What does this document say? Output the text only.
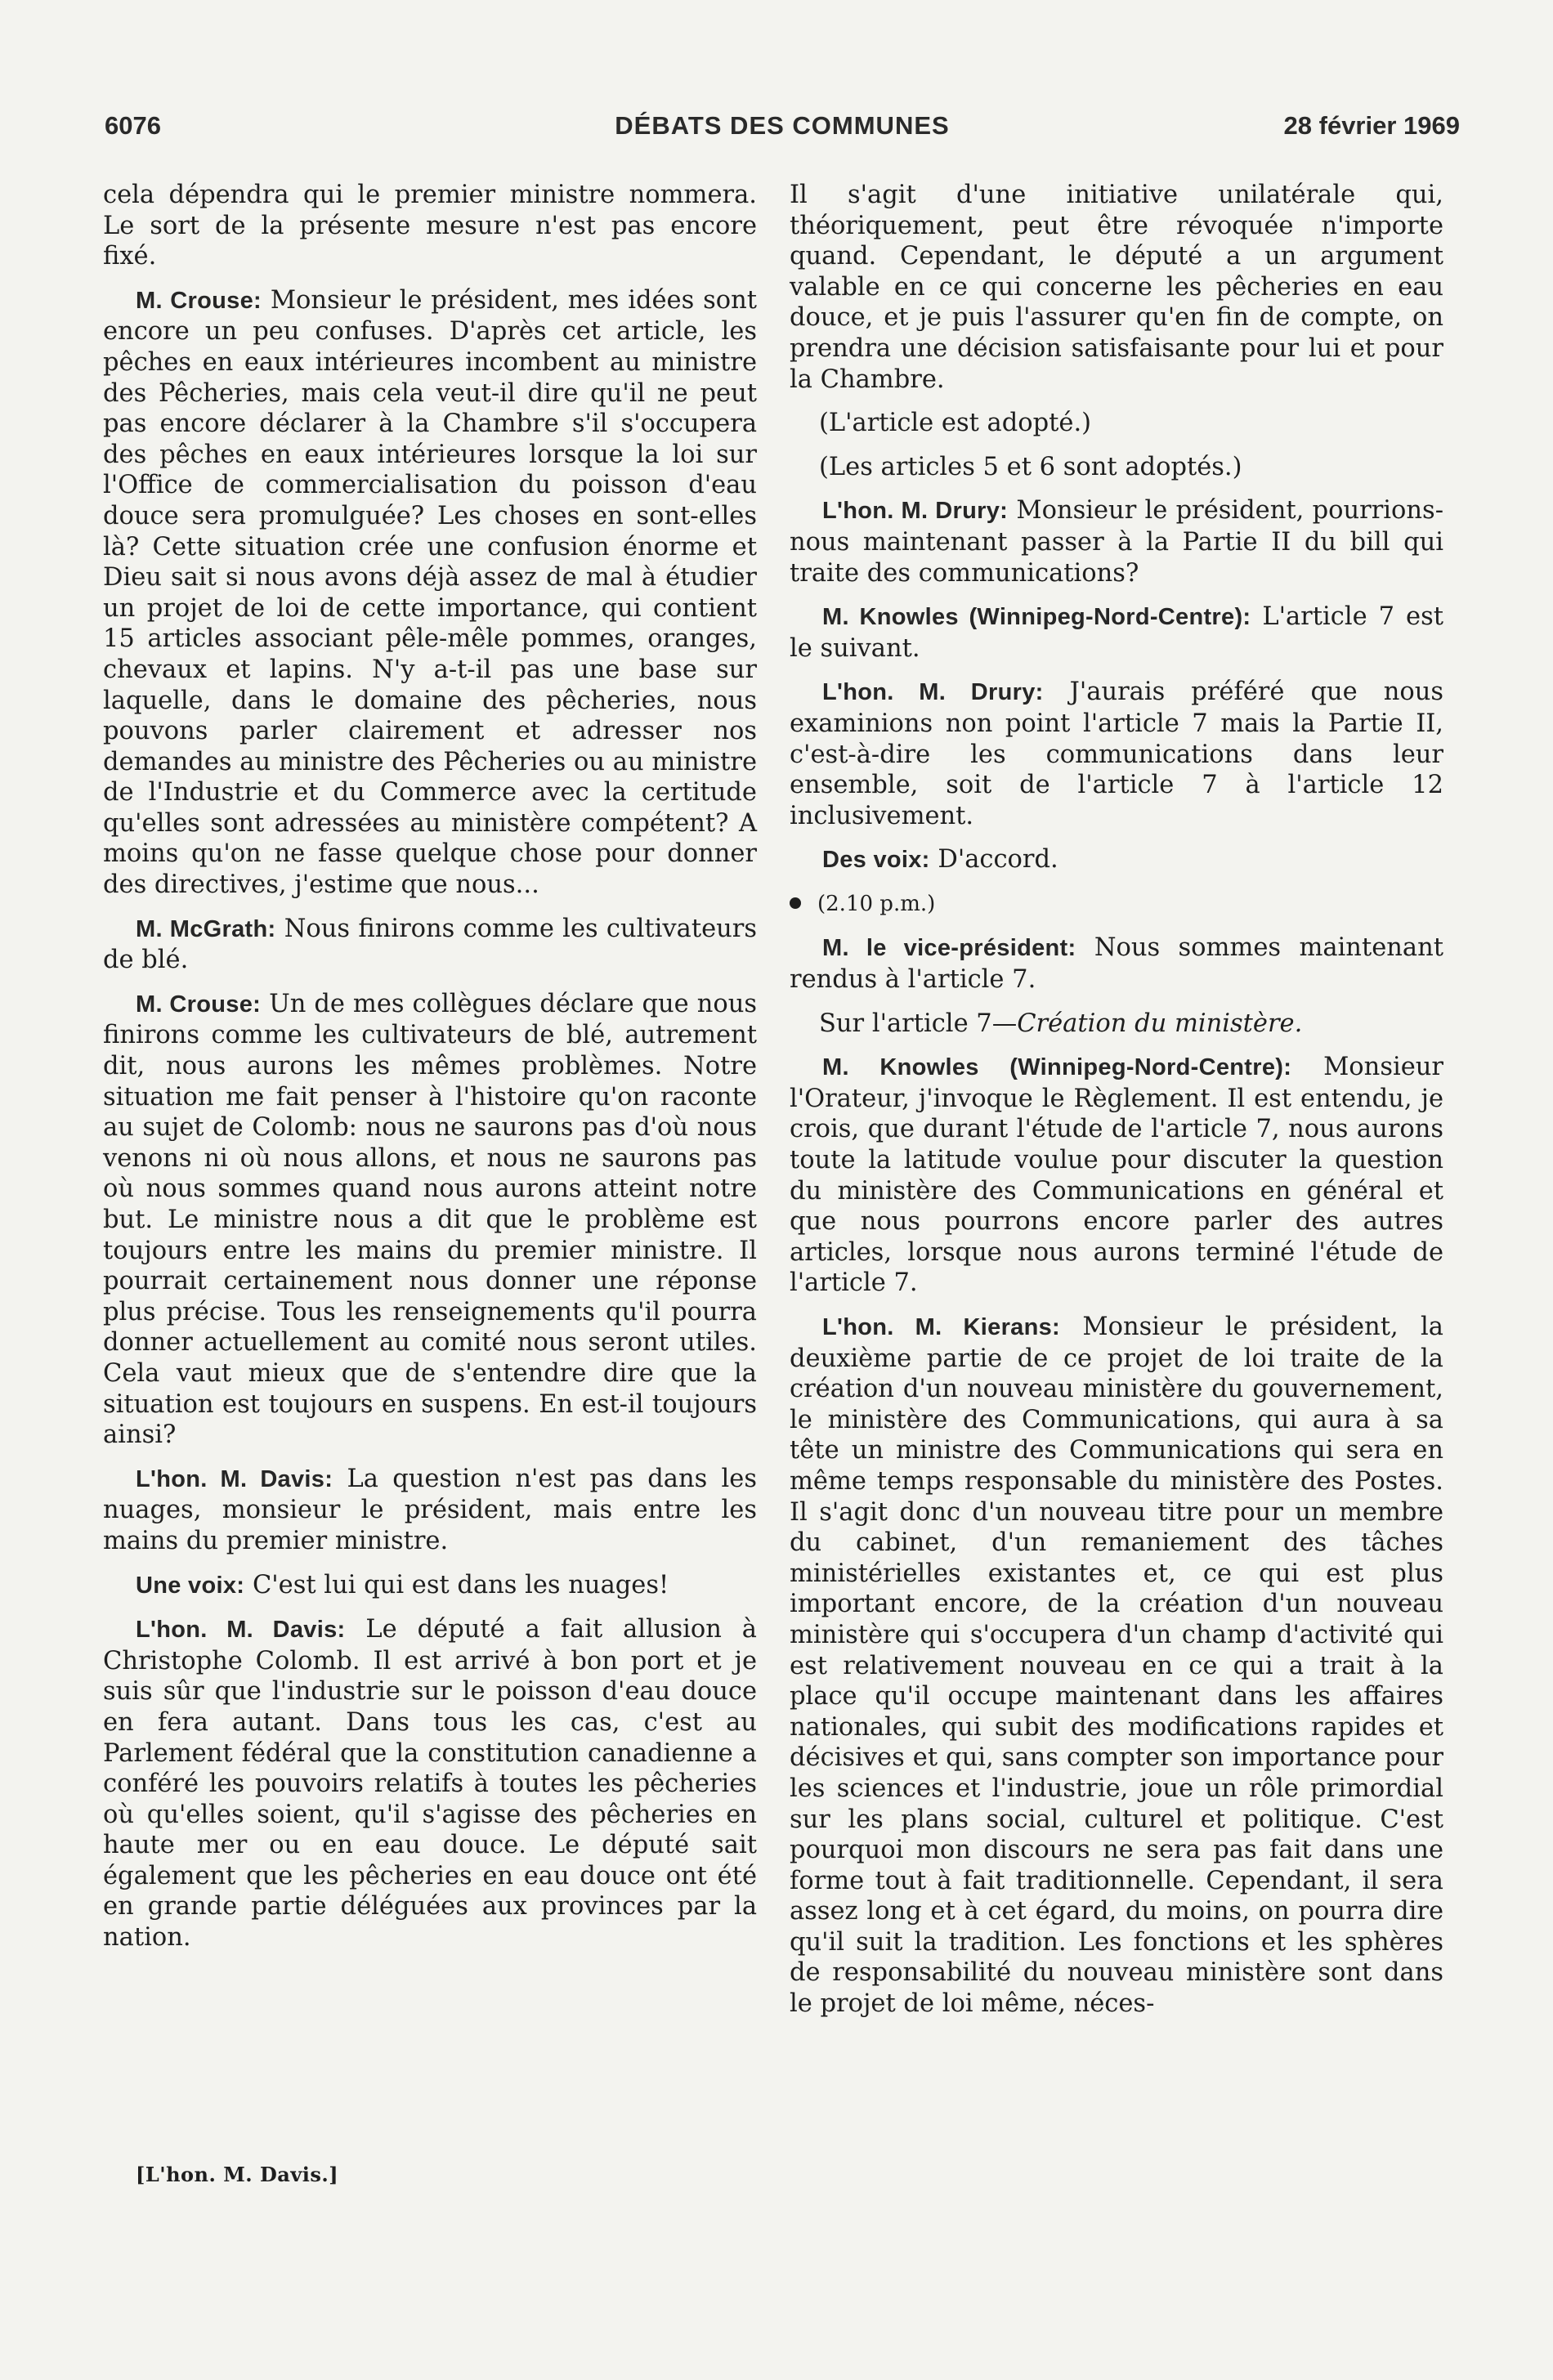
6076	DÉBATS DES COMMUNES	28 février 1969

cela dépendra qui le premier ministre nommera. Le sort de la présente mesure n'est pas encore fixé.

M. Crouse: Monsieur le président, mes idées sont encore un peu confuses. D'après cet article, les pêches en eaux intérieures incombent au ministre des Pêcheries, mais cela veut-il dire qu'il ne peut pas encore déclarer à la Chambre s'il s'occupera des pêches en eaux intérieures lorsque la loi sur l'Office de commercialisation du poisson d'eau douce sera promulguée? Les choses en sont-elles là? Cette situation crée une confusion énorme et Dieu sait si nous avons déjà assez de mal à étudier un projet de loi de cette importance, qui contient 15 articles associant pêle-mêle pommes, oranges, chevaux et lapins. N'y a-t-il pas une base sur laquelle, dans le domaine des pêcheries, nous pouvons parler clairement et adresser nos demandes au ministre des Pêcheries ou au ministre de l'Industrie et du Commerce avec la certitude qu'elles sont adressées au ministère compétent? A moins qu'on ne fasse quelque chose pour donner des directives, j'estime que nous...

M. McGrath: Nous finirons comme les cultivateurs de blé.

M. Crouse: Un de mes collègues déclare que nous finirons comme les cultivateurs de blé, autrement dit, nous aurons les mêmes problèmes. Notre situation me fait penser à l'histoire qu'on raconte au sujet de Colomb: nous ne saurons pas d'où nous venons ni où nous allons, et nous ne saurons pas où nous sommes quand nous aurons atteint notre but. Le ministre nous a dit que le problème est toujours entre les mains du premier ministre. Il pourrait certainement nous donner une réponse plus précise. Tous les renseignements qu'il pourra donner actuellement au comité nous seront utiles. Cela vaut mieux que de s'entendre dire que la situation est toujours en suspens. En est-il toujours ainsi?

L'hon. M. Davis: La question n'est pas dans les nuages, monsieur le président, mais entre les mains du premier ministre.

Une voix: C'est lui qui est dans les nuages!

L'hon. M. Davis: Le député a fait allusion à Christophe Colomb. Il est arrivé à bon port et je suis sûr que l'industrie sur le poisson d'eau douce en fera autant. Dans tous les cas, c'est au Parlement fédéral que la constitution canadienne a conféré les pouvoirs relatifs à toutes les pêcheries où qu'elles soient, qu'il s'agisse des pêcheries en haute mer ou en eau douce. Le député sait également que les pêcheries en eau douce ont été en grande partie déléguées aux provinces par la nation.

Il s'agit d'une initiative unilatérale qui, théoriquement, peut être révoquée n'importe quand. Cependant, le député a un argument valable en ce qui concerne les pêcheries en eau douce, et je puis l'assurer qu'en fin de compte, on prendra une décision satisfaisante pour lui et pour la Chambre.

(L'article est adopté.)

(Les articles 5 et 6 sont adoptés.)

L'hon. M. Drury: Monsieur le président, pourrions-nous maintenant passer à la Partie II du bill qui traite des communications?

M. Knowles (Winnipeg-Nord-Centre): L'article 7 est le suivant.

L'hon. M. Drury: J'aurais préféré que nous examinions non point l'article 7 mais la Partie II, c'est-à-dire les communications dans leur ensemble, soit de l'article 7 à l'article 12 inclusivement.

Des voix: D'accord.

(2.10 p.m.)

M. le vice-président: Nous sommes maintenant rendus à l'article 7.

Sur l'article 7—Création du ministère.

M. Knowles (Winnipeg-Nord-Centre): Monsieur l'Orateur, j'invoque le Règlement. Il est entendu, je crois, que durant l'étude de l'article 7, nous aurons toute la latitude voulue pour discuter la question du ministère des Communications en général et que nous pourrons encore parler des autres articles, lorsque nous aurons terminé l'étude de l'article 7.

L'hon. M. Kierans: Monsieur le président, la deuxième partie de ce projet de loi traite de la création d'un nouveau ministère du gouvernement, le ministère des Communications, qui aura à sa tête un ministre des Communications qui sera en même temps responsable du ministère des Postes. Il s'agit donc d'un nouveau titre pour un membre du cabinet, d'un remaniement des tâches ministérielles existantes et, ce qui est plus important encore, de la création d'un nouveau ministère qui s'occupera d'un champ d'activité qui est relativement nouveau en ce qui a trait à la place qu'il occupe maintenant dans les affaires nationales, qui subit des modifications rapides et décisives et qui, sans compter son importance pour les sciences et l'industrie, joue un rôle primordial sur les plans social, culturel et politique. C'est pourquoi mon discours ne sera pas fait dans une forme tout à fait traditionnelle. Cependant, il sera assez long et à cet égard, du moins, on pourra dire qu'il suit la tradition. Les fonctions et les sphères de responsabilité du nouveau ministère sont dans le projet de loi même, néces-

[L'hon. M. Davis.]
